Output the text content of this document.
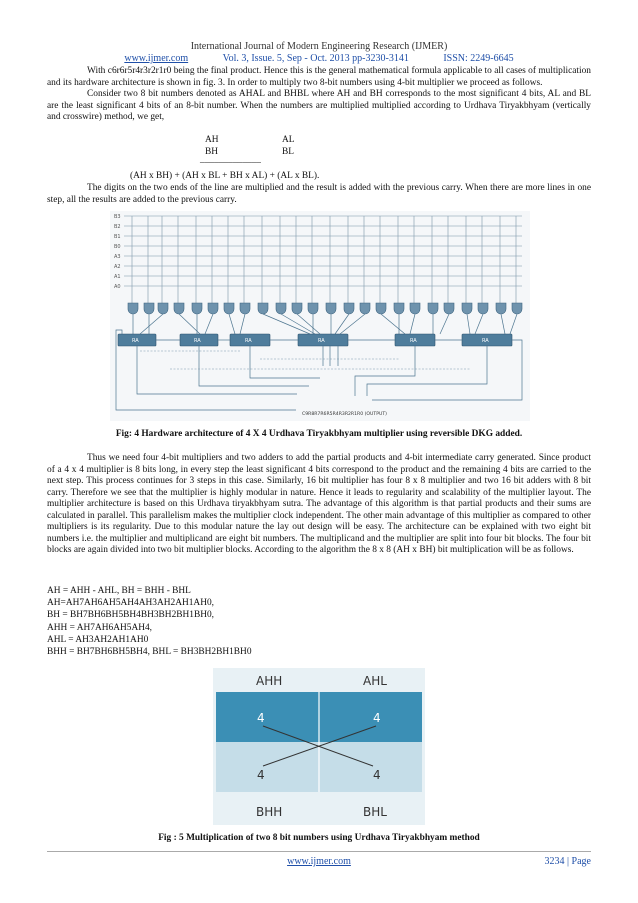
International Journal of Modern Engineering Research (IJMER)
www.ijmer.com	Vol. 3, Issue. 5, Sep - Oct. 2013 pp-3230-3141	ISSN: 2249-6645

With c6r6r5r4r3r2r1r0 being the final product. Hence this is the general mathematical formula applicable to all cases of multiplication and its hardware architecture is shown in fig. 3. In order to multiply two 8-bit numbers using 4-bit multiplier we proceed as follows.

Consider two 8 bit numbers denoted as AHAL and BHBL where AH and BH corresponds to the most significant 4 bits, AL and BL are the least significant 4 bits of an 8-bit number. When the numbers are multiplied multiplied according to Urdhava Tiryakbhyam (vertically and crosswire) method, we get,

AH	AL
BH	BL
_____________
(AH x BH) + (AH x BL + BH x AL) + (AL x BL).

The digits on the two ends of the line are multiplied and the result is added with the previous carry. When there are more lines in one step, all the results are added to the previous carry.

B3
B2
B1
B0
A3
A2
A1
A0
RA	RA	RA	RA	RA	RA
C9R8R7R6R5R4R3R2R1R0 (OUTPUT)
Fig: 4 Hardware architecture of 4 X 4 Urdhava Tiryakbhyam multiplier using reversible DKG added.

Thus we need four 4-bit multipliers and two adders to add the partial products and 4-bit intermediate carry generated. Since product of a 4 x 4 multiplier is 8 bits long, in every step the least significant 4 bits correspond to the product and the remaining 4 bits are carried to the next step. This process continues for 3 steps in this case. Similarly, 16 bit multiplier has four 8 x 8 multiplier and two 16 bit adders with 8 bit carry. Therefore we see that the multiplier is highly modular in nature. Hence it leads to regularity and scalability of the multiplier layout. The multiplier architecture is based on this Urdhava tiryakbhyam sutra. The advantage of this algorithm is that partial products and their sums are calculated in parallel. This parallelism makes the multiplier clock independent. The other main advantage of this multiplier as compared to other multipliers is its regularity. Due to this modular nature the lay out design will be easy. The architecture can be explained with two eight bit numbers i.e. the multiplier and multiplicand are eight bit numbers. The multiplicand and the multiplier are split into four bit blocks. The four bit blocks are again divided into two bit multiplier blocks. According to the algorithm the 8 x 8 (AH x BH) bit multiplication will be as follows.

AH = AHH - AHL, BH = BHH - BHL
AH=AH7AH6AH5AH4AH3AH2AH1AH0,
BH = BH7BH6BH5BH4BH3BH2BH1BH0,
AHH = AH7AH6AH5AH4,
AHL = AH3AH2AH1AH0
BHH = BH7BH6BH5BH4, BHL = BH3BH2BH1BH0
AHH	AHL
BHH	BHL
4	4
4	4
Fig : 5 Multiplication of two 8 bit numbers using Urdhava Tiryakbhyam method
www.ijmer.com	3234 | Page
